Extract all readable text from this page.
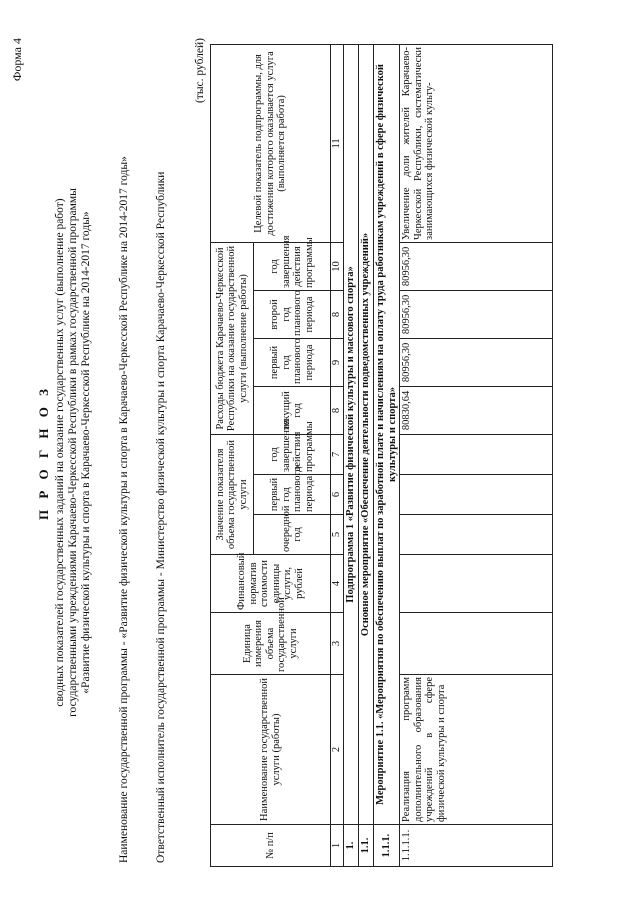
Форма 4
П Р О Г Н О З сводных показателей государственных заданий на оказание государственных услуг (выполнение работ) государственными учреждениями Карачаево-Черкесской Республики в рамках государственной программы «Развитие физической культуры и спорта в Карачаево-Черкесской Республике на 2014-2017 годы» Наименование государственной программы - «Развитие физической культуры и спорта в Карачаево-Черкесской Республике на 2014-2017 годы» Ответственный исполнитель государственной программы - Министерство физической культуры и спорта Карачаево-Черкесской Республики
(тыс. рублей)
№ п/п	Наименование государственной услуги (работы)	Единица измерения объема государственной услуги	Финансовый норматив стоимости единицы услуги, рублей	Значение показателя объема государственной услуги			Расходы бюджета Карачаево-Черкесской Республики на оказание государственной услуги (выполнение работы)				Целевой показатель подпрограммы, для достижения которого оказывается услуга (выполняется работа)
				очередной год	первый год планового периода	год завершения действия программы	текущий год	первый год планового периода	второй год планового периода	год завершения действия программы	
1	2	3	4	5	6	7	8	9	8	10	11
1.	Подпрограмма 1 «Развитие физической культуры и массового спорта»										
1.1.	Основное мероприятие «Обеспечение деятельности подведомственных учреждений»										
1.1.1.	Мероприятие 1.1. «Мероприятия по обеспечению выплат по заработной плате и начислениям на оплату труда работникам учреждений в сфере физической культуры и спорта»										
1.1.1.1.	Реализация программ дополнительного образования учреждений в сфере физической культуры и спорта						80830,64	80956,30	80956,30	80956,30	Увеличение доли жителей Карачаево-Черкесской Республики, систематически занимающихся физической культу-
